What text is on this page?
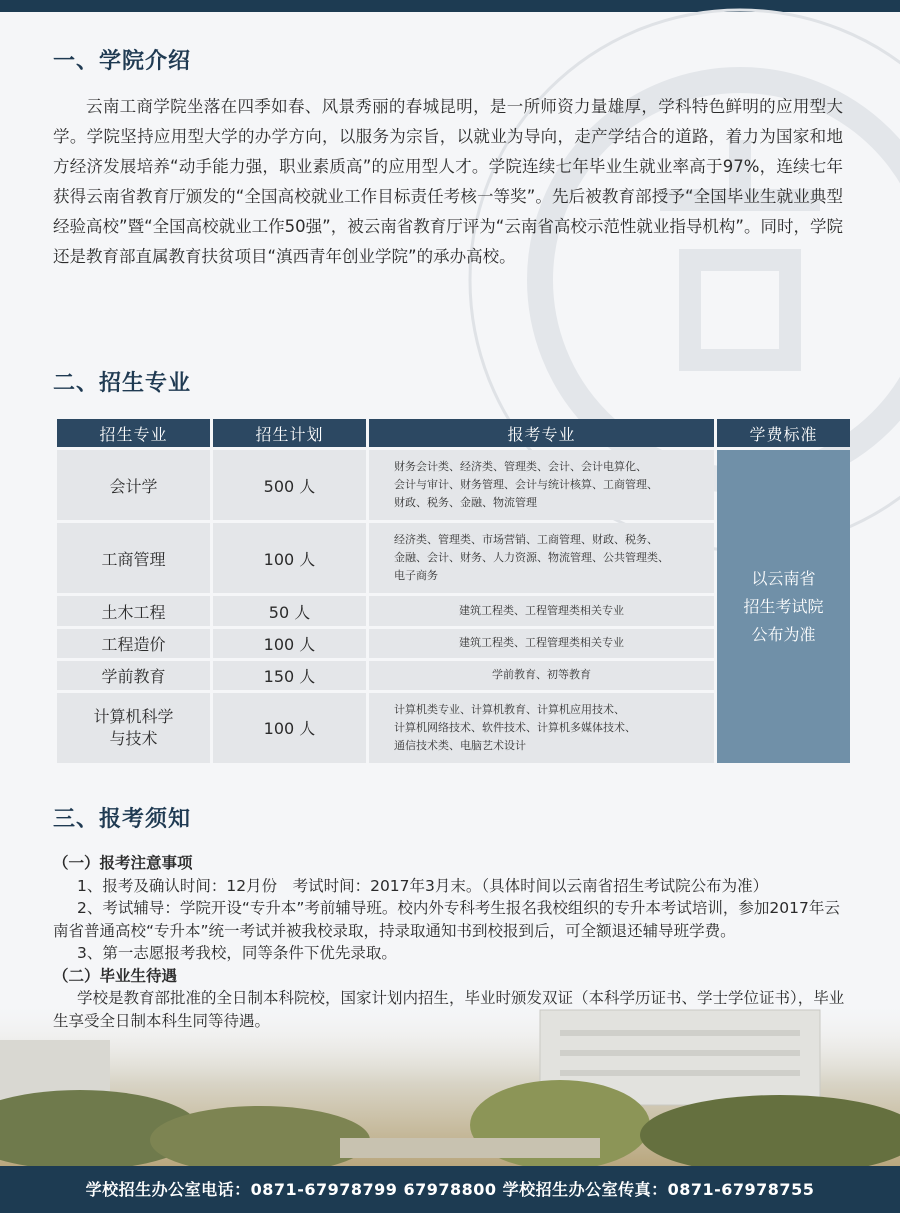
一、学院介绍

云南工商学院坐落在四季如春、风景秀丽的春城昆明，是一所师资力量雄厚，学科特色鲜明的应用型大学。学院坚持应用型大学的办学方向，以服务为宗旨，以就业为导向，走产学结合的道路，着力为国家和地方经济发展培养“动手能力强，职业素质高”的应用型人才。学院连续七年毕业生就业率高于97%，连续七年获得云南省教育厅颁发的“全国高校就业工作目标责任考核一等奖”。先后被教育部授予“全国毕业生就业典型经验高校”暨“全国高校就业工作50强”，被云南省教育厅评为“云南省高校示范性就业指导机构”。同时，学院还是教育部直属教育扶贫项目“滇西青年创业学院”的承办高校。

二、招生专业
招生专业	招生计划	报考专业	学费标准
会计学	500 人	财务会计类、经济类、管理类、会计、会计电算化、
会计与审计、财务管理、会计与统计核算、工商管理、
财政、税务、金融、物流管理	以云南省
招生考试院
公布为准
工商管理	100 人	经济类、管理类、市场营销、工商管理、财政、税务、
金融、会计、财务、人力资源、物流管理、公共管理类、
电子商务	
土木工程	50 人	建筑工程类、工程管理类相关专业	
工程造价	100 人	建筑工程类、工程管理类相关专业	
学前教育	150 人	学前教育、初等教育	
计算机科学
与技术	100 人	计算机类专业、计算机教育、计算机应用技术、
计算机网络技术、软件技术、计算机多媒体技术、
通信技术类、电脑艺术设计	
三、报考须知

（一）报考注意事项

1、报考及确认时间：12月份　考试时间：2017年3月末。（具体时间以云南省招生考试院公布为准）

2、考试辅导：学院开设“专升本”考前辅导班。校内外专科考生报名我校组织的专升本考试培训，参加2017年云南省普通高校“专升本”统一考试并被我校录取，持录取通知书到校报到后，可全额退还辅导班学费。

3、第一志愿报考我校，同等条件下优先录取。

（二）毕业生待遇

学校是教育部批准的全日制本科院校，国家计划内招生，毕业时颁发双证（本科学历证书、学士学位证书），毕业生享受全日制本科生同等待遇。

学校招生办公室电话：0871-67978799 67978800 学校招生办公室传真：0871-67978755
